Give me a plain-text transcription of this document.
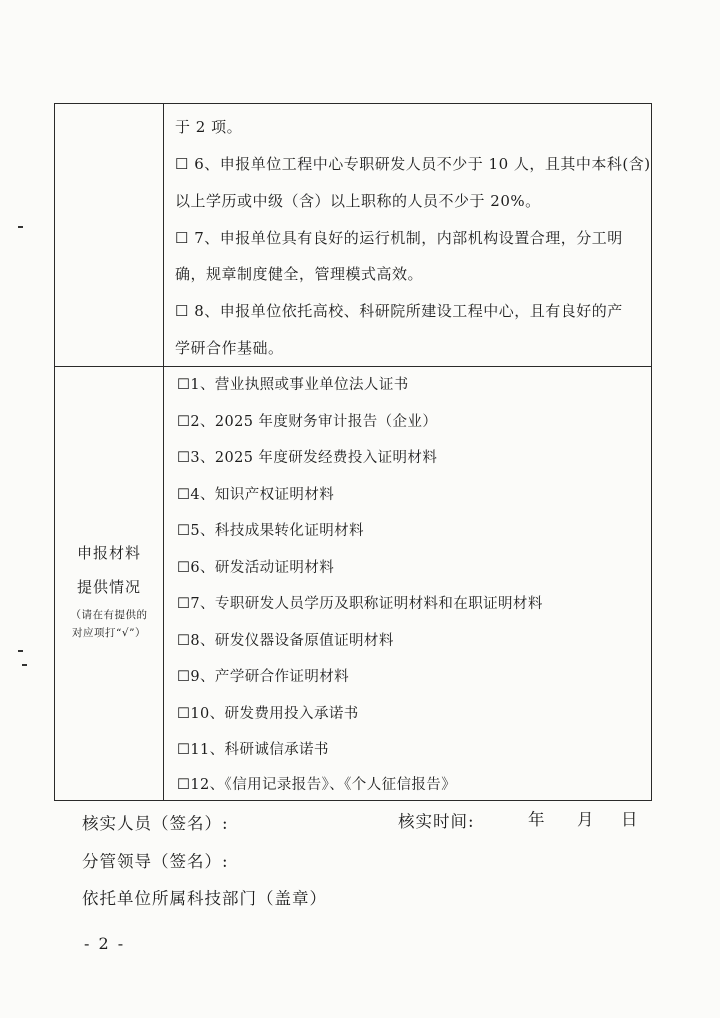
于 2 项。
☐ 6、申报单位工程中心专职研发人员不少于 10 人，且其中本科(含)
以上学历或中级（含）以上职称的人员不少于 20%。
☐ 7、申报单位具有良好的运行机制，内部机构设置合理，分工明
确，规章制度健全，管理模式高效。
☐ 8、申报单位依托高校、科研院所建设工程中心，且有良好的产
学研合作基础。
申报材料
提供情况
（请在有提供的
对应项打“√”）
☐1、营业执照或事业单位法人证书
☐2、2025 年度财务审计报告（企业）
☐3、2025 年度研发经费投入证明材料
☐4、知识产权证明材料
☐5、科技成果转化证明材料
☐6、研发活动证明材料
☐7、专职研发人员学历及职称证明材料和在职证明材料
☐8、研发仪器设备原值证明材料
☐9、产学研合作证明材料
☐10、研发费用投入承诺书
☐11、科研诚信承诺书
☐12、《信用记录报告》、《个人征信报告》
核实人员（签名）:	核实时间:	年 月 日
分管领导（签名）:
依托单位所属科技部门（盖章）
- 2 -
